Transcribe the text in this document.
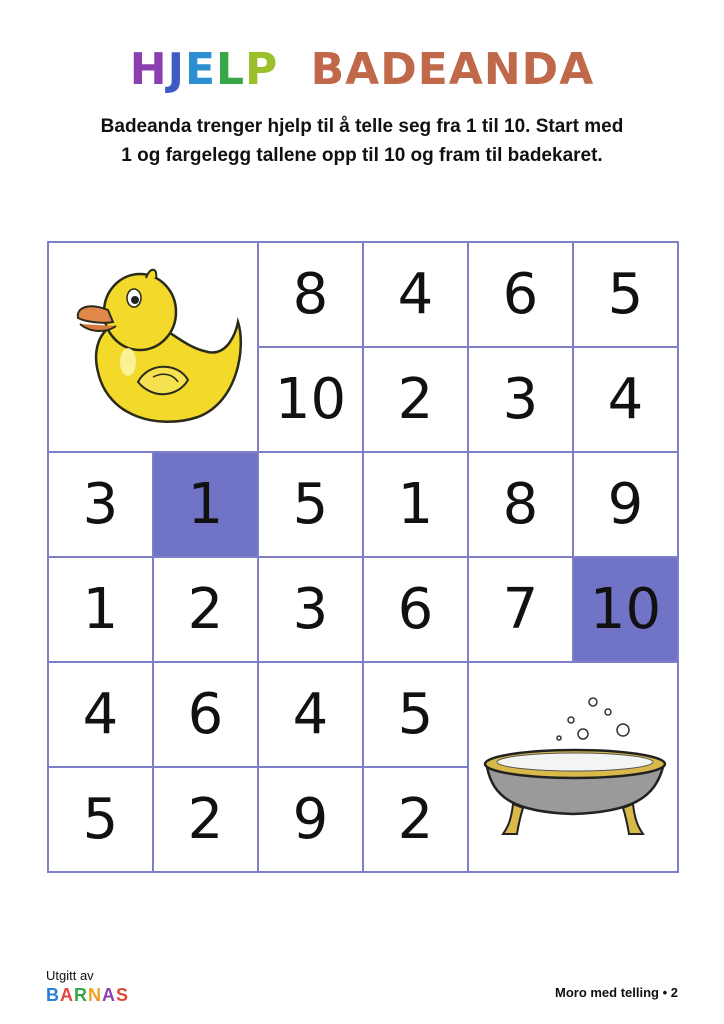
HJELP BADEANDA
Badeanda trenger hjelp til å telle seg fra 1 til 10. Start med
1 og fargelegg tallene opp til 10 og fram til badekaret.
8	4	6	5
10 2	3	4
3	1	5	1	8	9
1	2	3	6	7 10
4	6	4	5
5	2	9	2
Utgitt av
BARNAS	Moro med telling • 2
